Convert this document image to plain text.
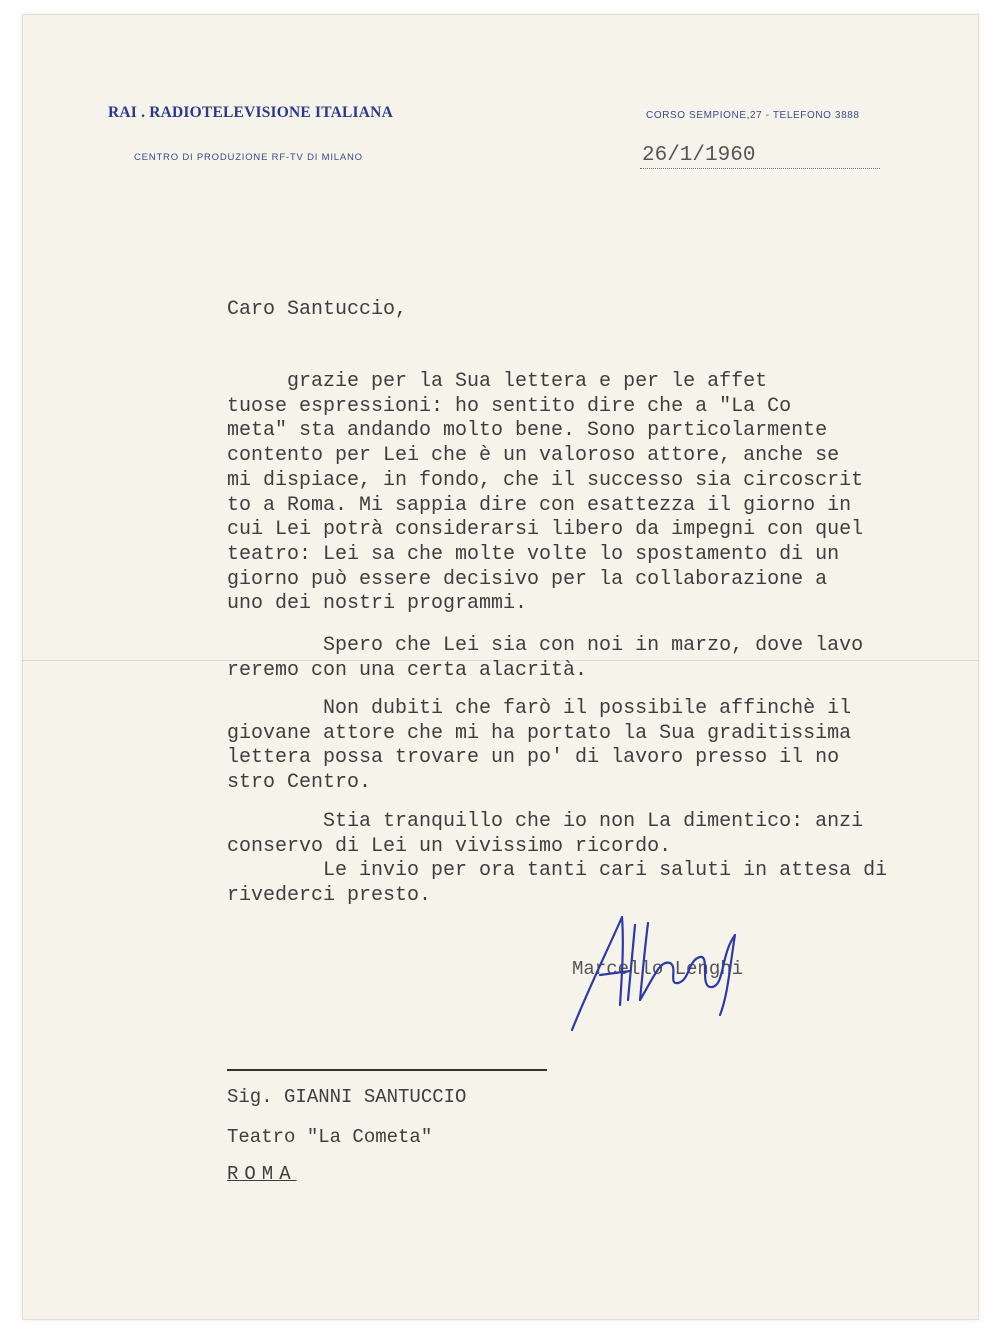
RAI . RADIOTELEVISIONE ITALIANA
CENTRO DI PRODUZIONE RF-TV DI MILANO
CORSO SEMPIONE,27 - TELEFONO 3888
26/1/1960
Caro Santuccio,
grazie per la Sua lettera e per le affet
tuose espressioni: ho sentito dire che a "La Co
meta" sta andando molto bene. Sono particolarmente
contento per Lei che è un valoroso attore, anche se
mi dispiace, in fondo, che il successo sia circoscrit
to a Roma. Mi sappia dire con esattezza il giorno in
cui Lei potrà considerarsi libero da impegni con quel
teatro: Lei sa che molte volte lo spostamento di un
giorno può essere decisivo per la collaborazione a
uno dei nostri programmi.
Spero che Lei sia con noi in marzo, dove lavo
reremo con una certa alacrità.
Non dubiti che farò il possibile affinchè il
giovane attore che mi ha portato la Sua graditissima
lettera possa trovare un po' di lavoro presso il no
stro Centro.
Stia tranquillo che io non La dimentico: anzi
conservo di Lei un vivissimo ricordo.
Le invio per ora tanti cari saluti in attesa di
rivederci presto.
Marcello Lenghi
Sig. GIANNI SANTUCCIO
Teatro "La Cometa"
ROMA
